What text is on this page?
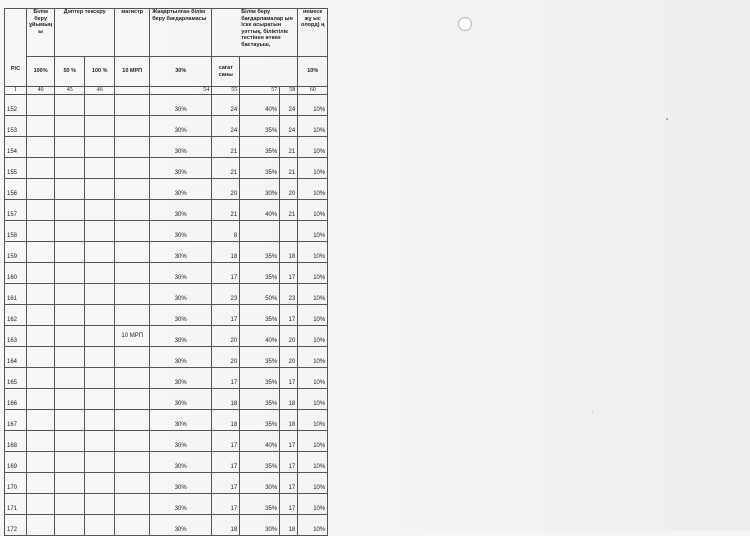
Р/С	Білім беру ұйымың ы	Дәптер тексеру		магистр	Жаңартылған білім беру бағдарламасы	Білім беру бағдарламалар ын іске асыратын уәттық, біліктілік тестінен өткен бастауыш,			немесе жұ ыс олорд) ң
	100%	50 %	100 %	10 МРП	30%	сағат саны			10%
1	40	45	46		54	55	57	58	60
152					30%	24	40%	24	10%
153					30%	24	35%	24	10%
154					30%	21	35%	21	10%
155					30%	21	35%	21	10%
156					30%	20	30%	20	10%
157					30%	21	40%	21	10%
158					30%	8			10%
159					30%	18	35%	18	10%
160					30%	17	35%	17	10%
161					30%	23	50%	23	10%
162					30%	17	35%	17	10%
163				10 МРП	30%	20	40%	20	10%
164					30%	20	35%	20	10%
165					30%	17	35%	17	10%
166					30%	18	35%	18	10%
167					30%	18	35%	18	10%
168					30%	17	40%	17	10%
169					30%	17	35%	17	10%
170					30%	17	30%	17	10%
171					30%	17	35%	17	10%
172					30%	18	30%	18	10%
